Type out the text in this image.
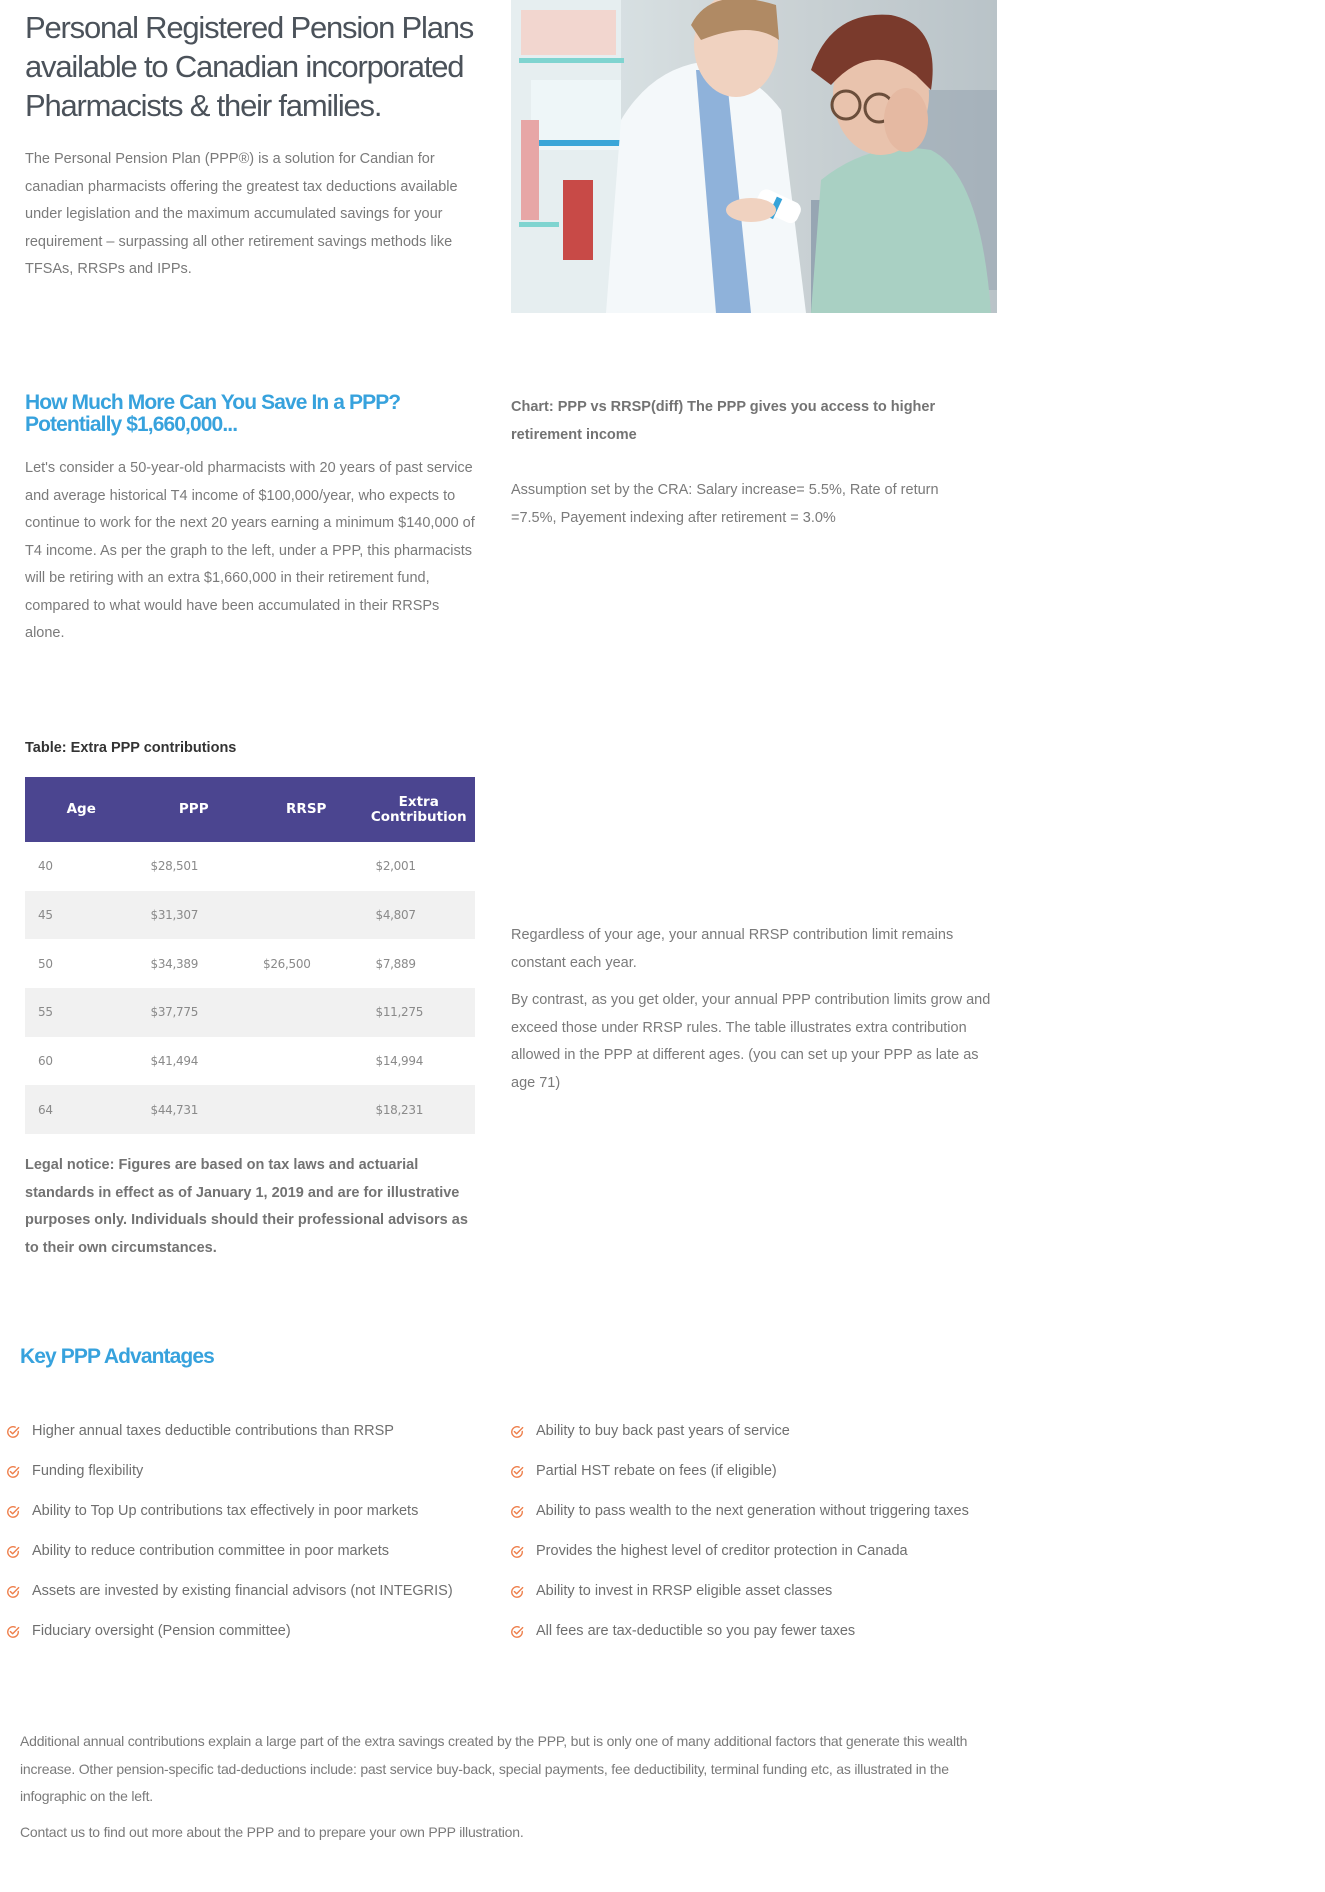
Personal Registered Pension Plans available to Canadian incorporated Pharmacists & their families.

The Personal Pension Plan (PPP®) is a solution for Candian for canadian pharmacists offering the greatest tax deductions available under legislation and the maximum accumulated savings for your requirement – surpassing all other retirement savings methods like TFSAs, RRSPs and IPPs.

How Much More Can You Save In a PPP? Potentially $1,660,000...

Let's consider a 50-year-old pharmacists with 20 years of past service and average historical T4 income of $100,000/year, who expects to continue to work for the next 20 years earning a minimum $140,000 of T4 income. As per the graph to the left, under a PPP, this pharmacists will be retiring with an extra $1,660,000 in their retirement fund, compared to what would have been accumulated in their RRSPs alone.

Chart: PPP vs RRSP(diff) The PPP gives you access to higher retirement income

Assumption set by the CRA: Salary increase= 5.5%, Rate of return =7.5%, Payement indexing after retirement = 3.0%

Table: Extra PPP contributions
Age	PPP	RRSP	Extra Contribution
40	$28,501		$2,001
45	$31,307		$4,807
50	$34,389	$26,500	$7,889
55	$37,775		$11,275
60	$41,494		$14,994
64	$44,731		$18,231

Legal notice: Figures are based on tax laws and actuarial standards in effect as of January 1, 2019 and are for illustrative purposes only. Individuals should their professional advisors as to their own circumstances.

Regardless of your age, your annual RRSP contribution limit remains constant each year.

By contrast, as you get older, your annual PPP contribution limits grow and exceed those under RRSP rules. The table illustrates extra contribution allowed in the PPP at different ages. (you can set up your PPP as late as age 71)

Key PPP Advantages
Higher annual taxes deductible contributions than RRSP
Funding flexibility
Ability to Top Up contributions tax effectively in poor markets
Ability to reduce contribution committee in poor markets
Assets are invested by existing financial advisors (not INTEGRIS)
Fiduciary oversight (Pension committee)
Ability to buy back past years of service
Partial HST rebate on fees (if eligible)
Ability to pass wealth to the next generation without triggering taxes
Provides the highest level of creditor protection in Canada
Ability to invest in RRSP eligible asset classes
All fees are tax-deductible so you pay fewer taxes

Additional annual contributions explain a large part of the extra savings created by the PPP, but is only one of many additional factors that generate this wealth increase. Other pension-specific tad-deductions include: past service buy-back, special payments, fee deductibility, terminal funding etc, as illustrated in the infographic on the left.

Contact us to find out more about the PPP and to prepare your own PPP illustration.
